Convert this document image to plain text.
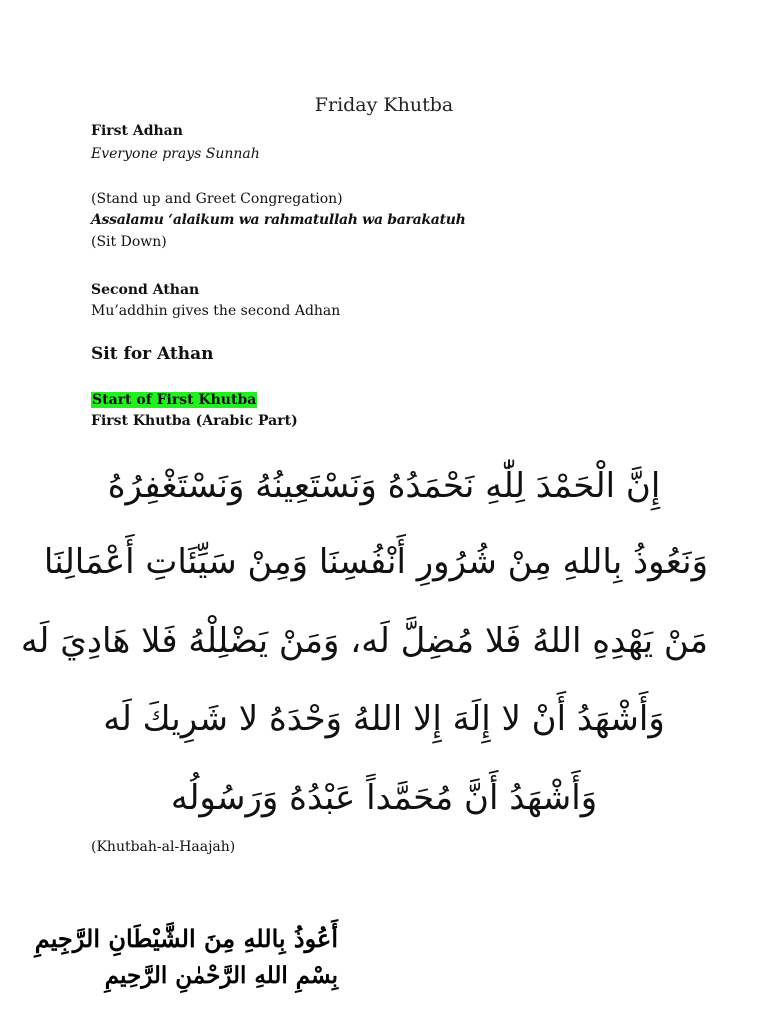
Friday Khutba
First Adhan
Everyone prays Sunnah
(Stand up and Greet Congregation)
Assalamu ‘alaikum wa rahmatullah wa barakatuh
(Sit Down)
Second Athan
Mu’addhin gives the second Adhan
Sit for Athan
Start of First Khutba
First Khutba (Arabic Part)
إِنَّ الْحَمْدَ لِلّٰهِ نَحْمَدُهُ وَنَسْتَعِينُهُ وَنَسْتَغْفِرُهُ
وَنَعُوذُ بِاللهِ مِنْ شُرُورِ أَنْفُسِنَا وَمِنْ سَيِّئَاتِ أَعْمَالِنَا
مَنْ يَهْدِهِ اللهُ فَلا مُضِلَّ لَه، وَمَنْ يَضْلِلْهُ فَلا هَادِيَ لَه
وَأَشْهَدُ أَنْ لا إِلَهَ إِلا اللهُ وَحْدَهُ لا شَرِيكَ لَه
وَأَشْهَدُ أَنَّ مُحَمَّداً عَبْدُهُ وَرَسُولُه
(Khutbah-al-Haajah)
أَعُوذُ بِاللهِ مِنَ الشَّيْطَانِ الرَّجِيمِ
بِسْمِ اللهِ الرَّحْمٰنِ الرَّحِيمِ
